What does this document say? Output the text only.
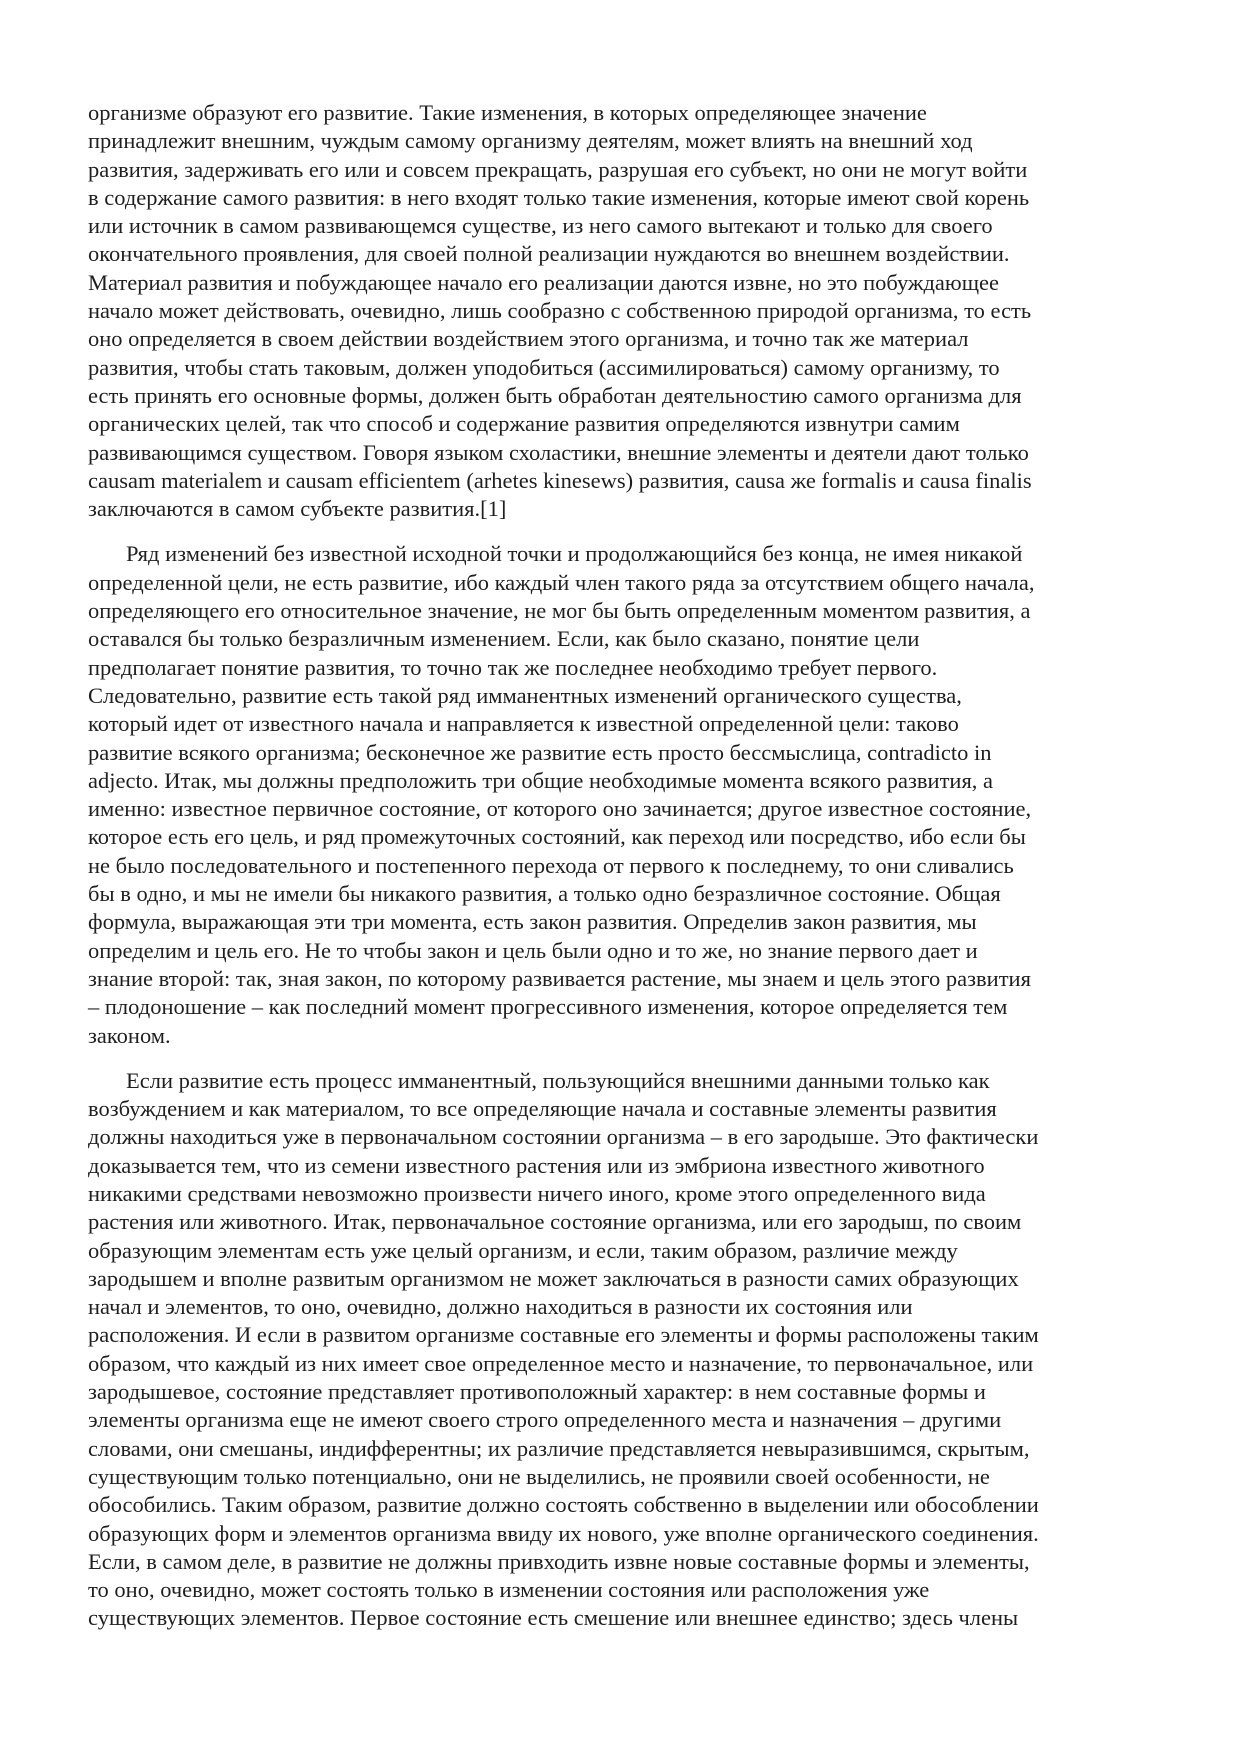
организме образуют его развитие. Такие изменения, в которых определяющее значение
принадлежит внешним, чуждым самому организму деятелям, может влиять на внешний ход
развития, задерживать его или и совсем прекращать, разрушая его субъект, но они не могут войти
в содержание самого развития: в него входят только такие изменения, которые имеют свой корень
или источник в самом развивающемся существе, из него самого вытекают и только для своего
окончательного проявления, для своей полной реализации нуждаются во внешнем воздействии.
Материал развития и побуждающее начало его реализации даются извне, но это побуждающее
начало может действовать, очевидно, лишь сообразно с собственною природой организма, то есть
оно определяется в своем действии воздействием этого организма, и точно так же материал
развития, чтобы стать таковым, должен уподобиться (ассимилироваться) самому организму, то
есть принять его основные формы, должен быть обработан деятельностию самого организма для
органических целей, так что способ и содержание развития определяются извнутри самим
развивающимся существом. Говоря языком схоластики, внешние элементы и деятели дают только
causam materialem и causam efficientem (arhetes kinesews) развития, causa же formalis и causa finalis
заключаются в самом субъекте развития.[1]

Ряд изменений без известной исходной точки и продолжающийся без конца, не имея никакой
определенной цели, не есть развитие, ибо каждый член такого ряда за отсутствием общего начала,
определяющего его относительное значение, не мог бы быть определенным моментом развития, а
оставался бы только безразличным изменением. Если, как было сказано, понятие цели
предполагает понятие развития, то точно так же последнее необходимо требует первого.
Следовательно, развитие есть такой ряд имманентных изменений органического существа,
который идет от известного начала и направляется к известной определенной цели: таково
развитие всякого организма; бесконечное же развитие есть просто бессмыслица, contradicto in
adjecto. Итак, мы должны предположить три общие необходимые момента всякого развития, а
именно: известное первичное состояние, от которого оно зачинается; другое известное состояние,
которое есть его цель, и ряд промежуточных состояний, как переход или посредство, ибо если бы
не было последовательного и постепенного перехода от первого к последнему, то они сливались
бы в одно, и мы не имели бы никакого развития, а только одно безразличное состояние. Общая
формула, выражающая эти три момента, есть закон развития. Определив закон развития, мы
определим и цель его. Не то чтобы закон и цель были одно и то же, но знание первого дает и
знание второй: так, зная закон, по которому развивается растение, мы знаем и цель этого развития
– плодоношение – как последний момент прогрессивного изменения, которое определяется тем
законом.

Если развитие есть процесс имманентный, пользующийся внешними данными только как
возбуждением и как материалом, то все определяющие начала и составные элементы развития
должны находиться уже в первоначальном состоянии организма – в его зародыше. Это фактически
доказывается тем, что из семени известного растения или из эмбриона известного животного
никакими средствами невозможно произвести ничего иного, кроме этого определенного вида
растения или животного. Итак, первоначальное состояние организма, или его зародыш, по своим
образующим элементам есть уже целый организм, и если, таким образом, различие между
зародышем и вполне развитым организмом не может заключаться в разности самих образующих
начал и элементов, то оно, очевидно, должно находиться в разности их состояния или
расположения. И если в развитом организме составные его элементы и формы расположены таким
образом, что каждый из них имеет свое определенное место и назначение, то первоначальное, или
зародышевое, состояние представляет противоположный характер: в нем составные формы и
элементы организма еще не имеют своего строго определенного места и назначения – другими
словами, они смешаны, индифферентны; их различие представляется невыразившимся, скрытым,
существующим только потенциально, они не выделились, не проявили своей особенности, не
обособились. Таким образом, развитие должно состоять собственно в выделении или обособлении
образующих форм и элементов организма ввиду их нового, уже вполне органического соединения.
Если, в самом деле, в развитие не должны привходить извне новые составные формы и элементы,
то оно, очевидно, может состоять только в изменении состояния или расположения уже
существующих элементов. Первое состояние есть смешение или внешнее единство; здесь члены
